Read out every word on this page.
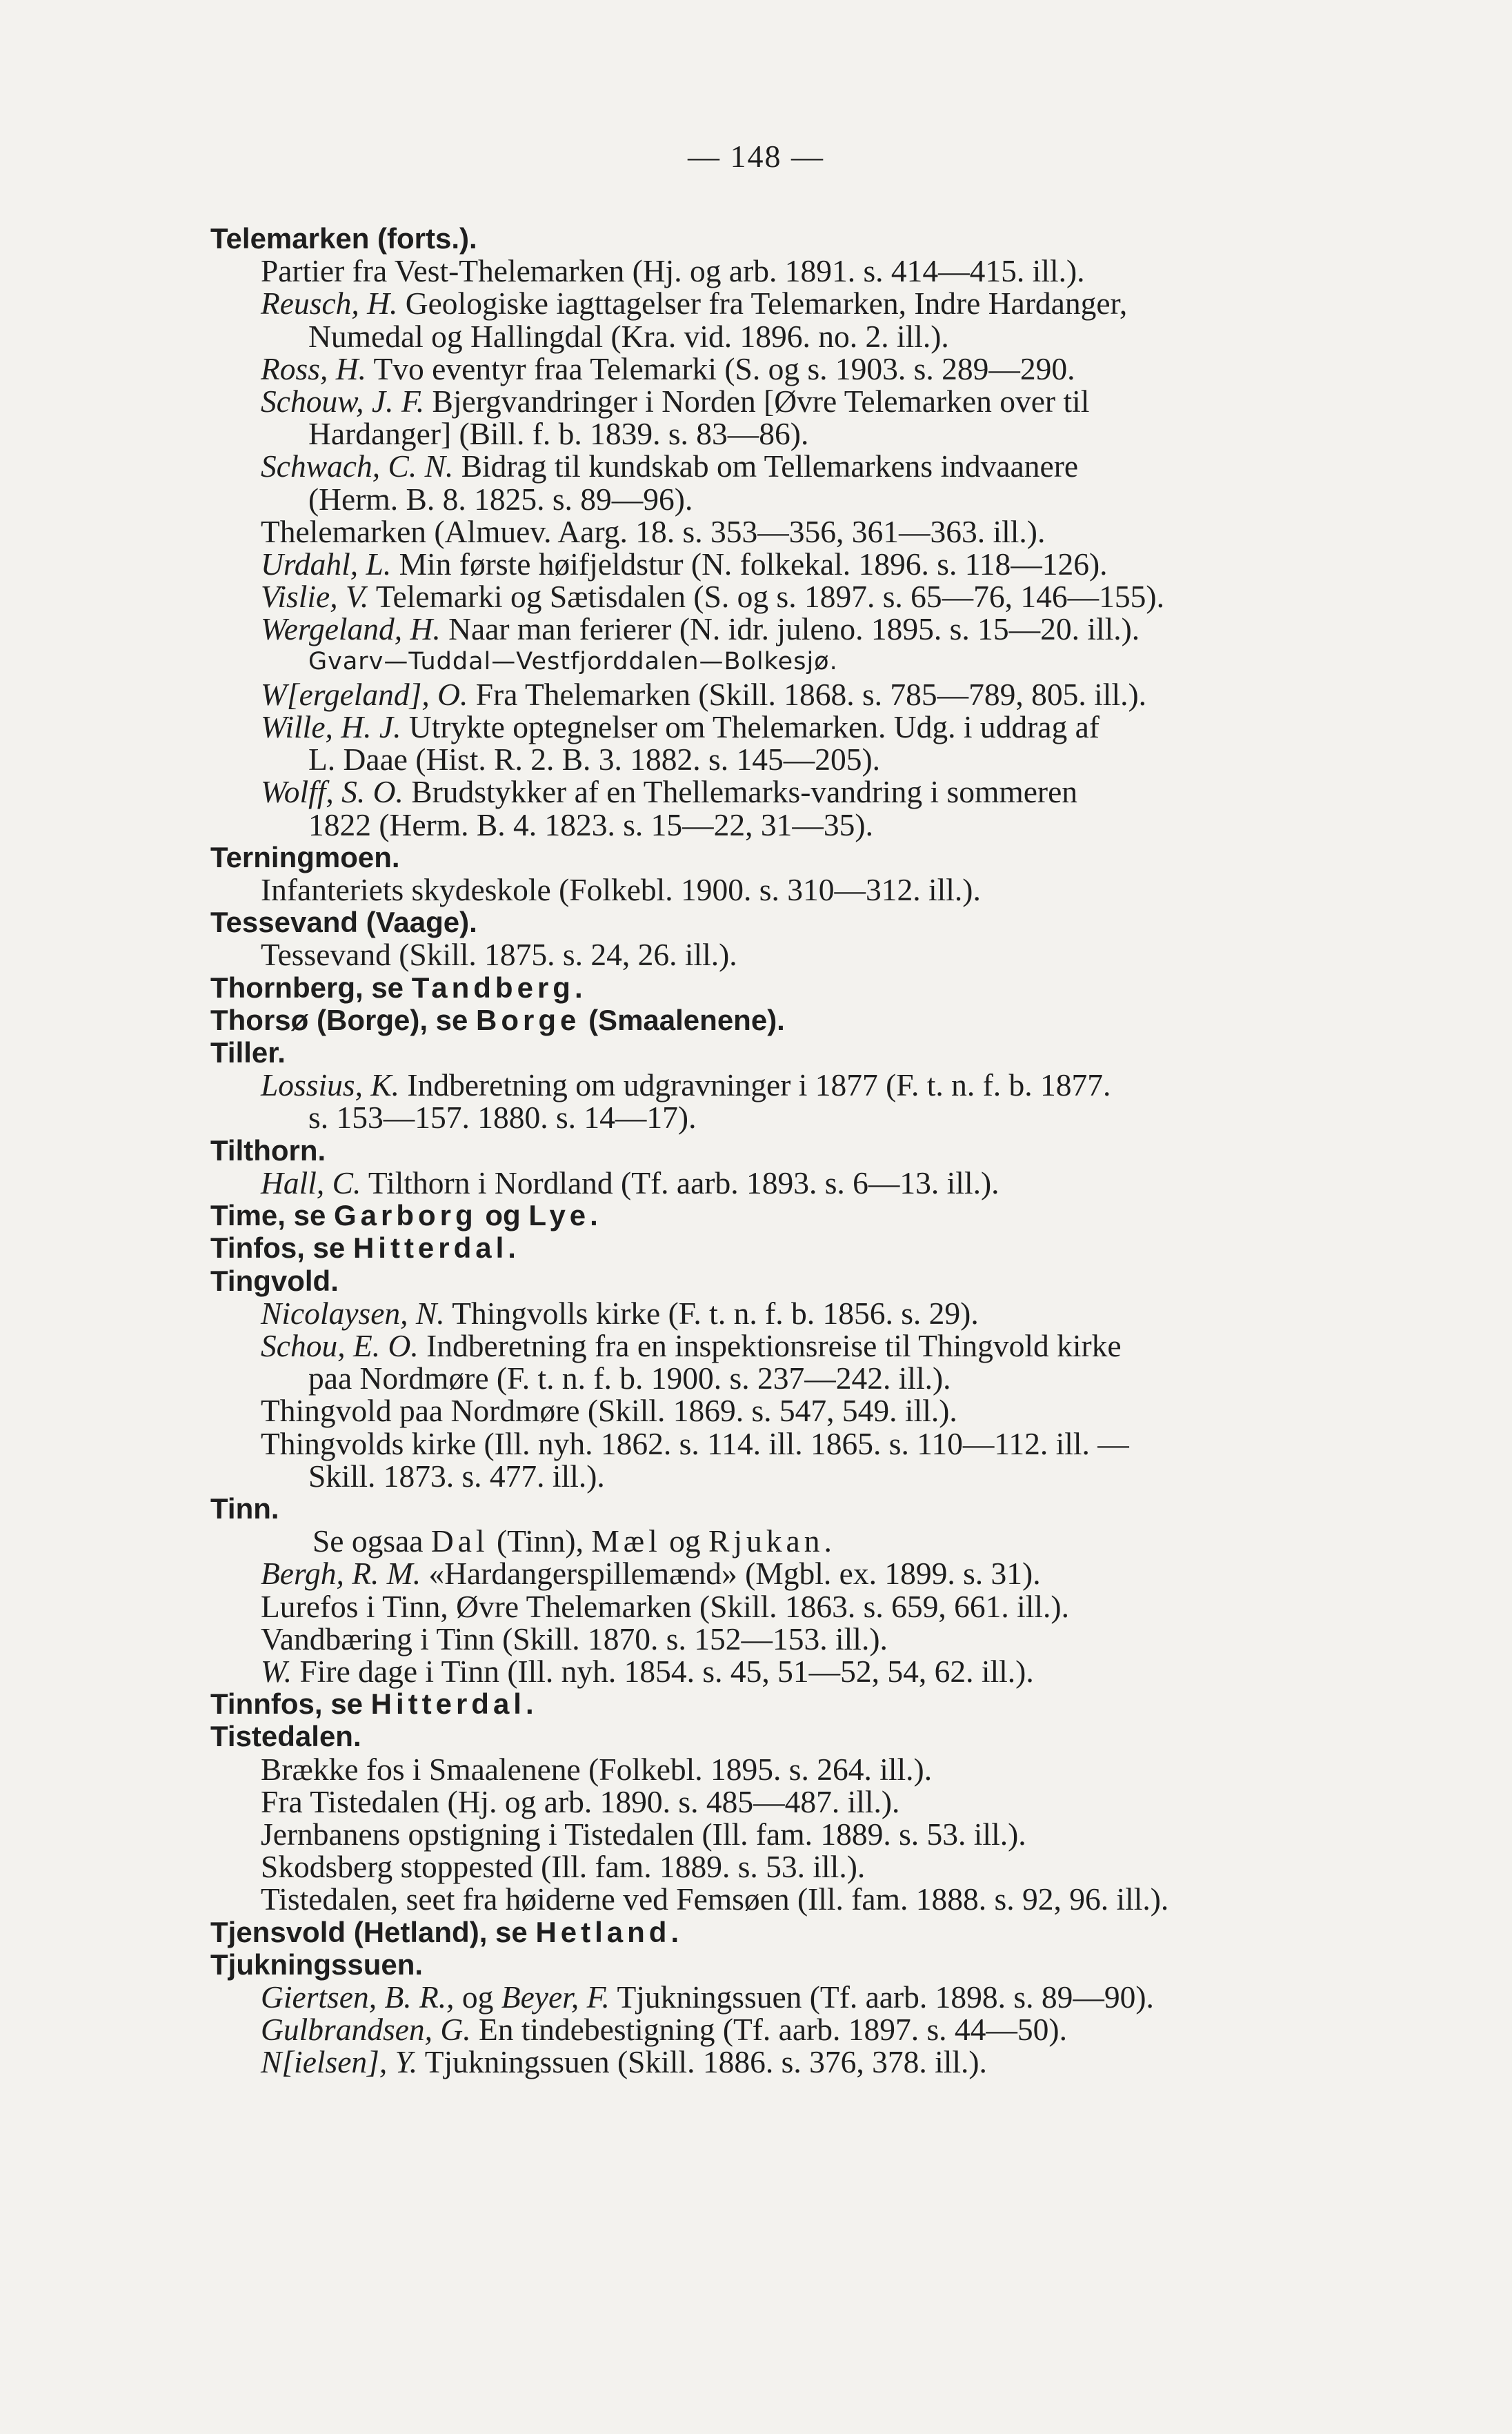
— 148 —
Telemarken (forts.).
Partier fra Vest-Thelemarken (Hj. og arb. 1891. s. 414—415. ill.).
Reusch, H. Geologiske iagttagelser fra Telemarken, Indre Hardanger,
Numedal og Hallingdal (Kra. vid. 1896. no. 2. ill.).
Ross, H. Tvo eventyr fraa Telemarki (S. og s. 1903. s. 289—290.
Schouw, J. F. Bjergvandringer i Norden [Øvre Telemarken over til
Hardanger] (Bill. f. b. 1839. s. 83—86).
Schwach, C. N. Bidrag til kundskab om Tellemarkens indvaanere
(Herm. B. 8. 1825. s. 89—96).
Thelemarken (Almuev. Aarg. 18. s. 353—356, 361—363. ill.).
Urdahl, L. Min første høifjeldstur (N. folkekal. 1896. s. 118—126).
Vislie, V. Telemarki og Sætisdalen (S. og s. 1897. s. 65—76, 146—155).
Wergeland, H. Naar man ferierer (N. idr. juleno. 1895. s. 15—20. ill.).
Gvarv—Tuddal—Vestfjorddalen—Bolkesjø.
W[ergeland], O. Fra Thelemarken (Skill. 1868. s. 785—789, 805. ill.).
Wille, H. J. Utrykte optegnelser om Thelemarken. Udg. i uddrag af
L. Daae (Hist. R. 2. B. 3. 1882. s. 145—205).
Wolff, S. O. Brudstykker af en Thellemarks-vandring i sommeren
1822 (Herm. B. 4. 1823. s. 15—22, 31—35).
Terningmoen.
Infanteriets skydeskole (Folkebl. 1900. s. 310—312. ill.).
Tessevand (Vaage).
Tessevand (Skill. 1875. s. 24, 26. ill.).
Thornberg, se Tandberg.
Thorsø (Borge), se Borge (Smaalenene).
Tiller.
Lossius, K. Indberetning om udgravninger i 1877 (F. t. n. f. b. 1877.
s. 153—157. 1880. s. 14—17).
Tilthorn.
Hall, C. Tilthorn i Nordland (Tf. aarb. 1893. s. 6—13. ill.).
Time, se Garborg og Lye.
Tinfos, se Hitterdal.
Tingvold.
Nicolaysen, N. Thingvolls kirke (F. t. n. f. b. 1856. s. 29).
Schou, E. O. Indberetning fra en inspektionsreise til Thingvold kirke
paa Nordmøre (F. t. n. f. b. 1900. s. 237—242. ill.).
Thingvold paa Nordmøre (Skill. 1869. s. 547, 549. ill.).
Thingvolds kirke (Ill. nyh. 1862. s. 114. ill. 1865. s. 110—112. ill. —
Skill. 1873. s. 477. ill.).
Tinn.
Se ogsaa Dal (Tinn), Mæl og Rjukan.
Bergh, R. M. «Hardangerspillemænd» (Mgbl. ex. 1899. s. 31).
Lurefos i Tinn, Øvre Thelemarken (Skill. 1863. s. 659, 661. ill.).
Vandbæring i Tinn (Skill. 1870. s. 152—153. ill.).
W. Fire dage i Tinn (Ill. nyh. 1854. s. 45, 51—52, 54, 62. ill.).
Tinnfos, se Hitterdal.
Tistedalen.
Brække fos i Smaalenene (Folkebl. 1895. s. 264. ill.).
Fra Tistedalen (Hj. og arb. 1890. s. 485—487. ill.).
Jernbanens opstigning i Tistedalen (Ill. fam. 1889. s. 53. ill.).
Skodsberg stoppested (Ill. fam. 1889. s. 53. ill.).
Tistedalen, seet fra høiderne ved Femsøen (Ill. fam. 1888. s. 92, 96. ill.).
Tjensvold (Hetland), se Hetland.
Tjukningssuen.
Giertsen, B. R., og Beyer, F. Tjukningssuen (Tf. aarb. 1898. s. 89—90).
Gulbrandsen, G. En tindebestigning (Tf. aarb. 1897. s. 44—50).
N[ielsen], Y. Tjukningssuen (Skill. 1886. s. 376, 378. ill.).
